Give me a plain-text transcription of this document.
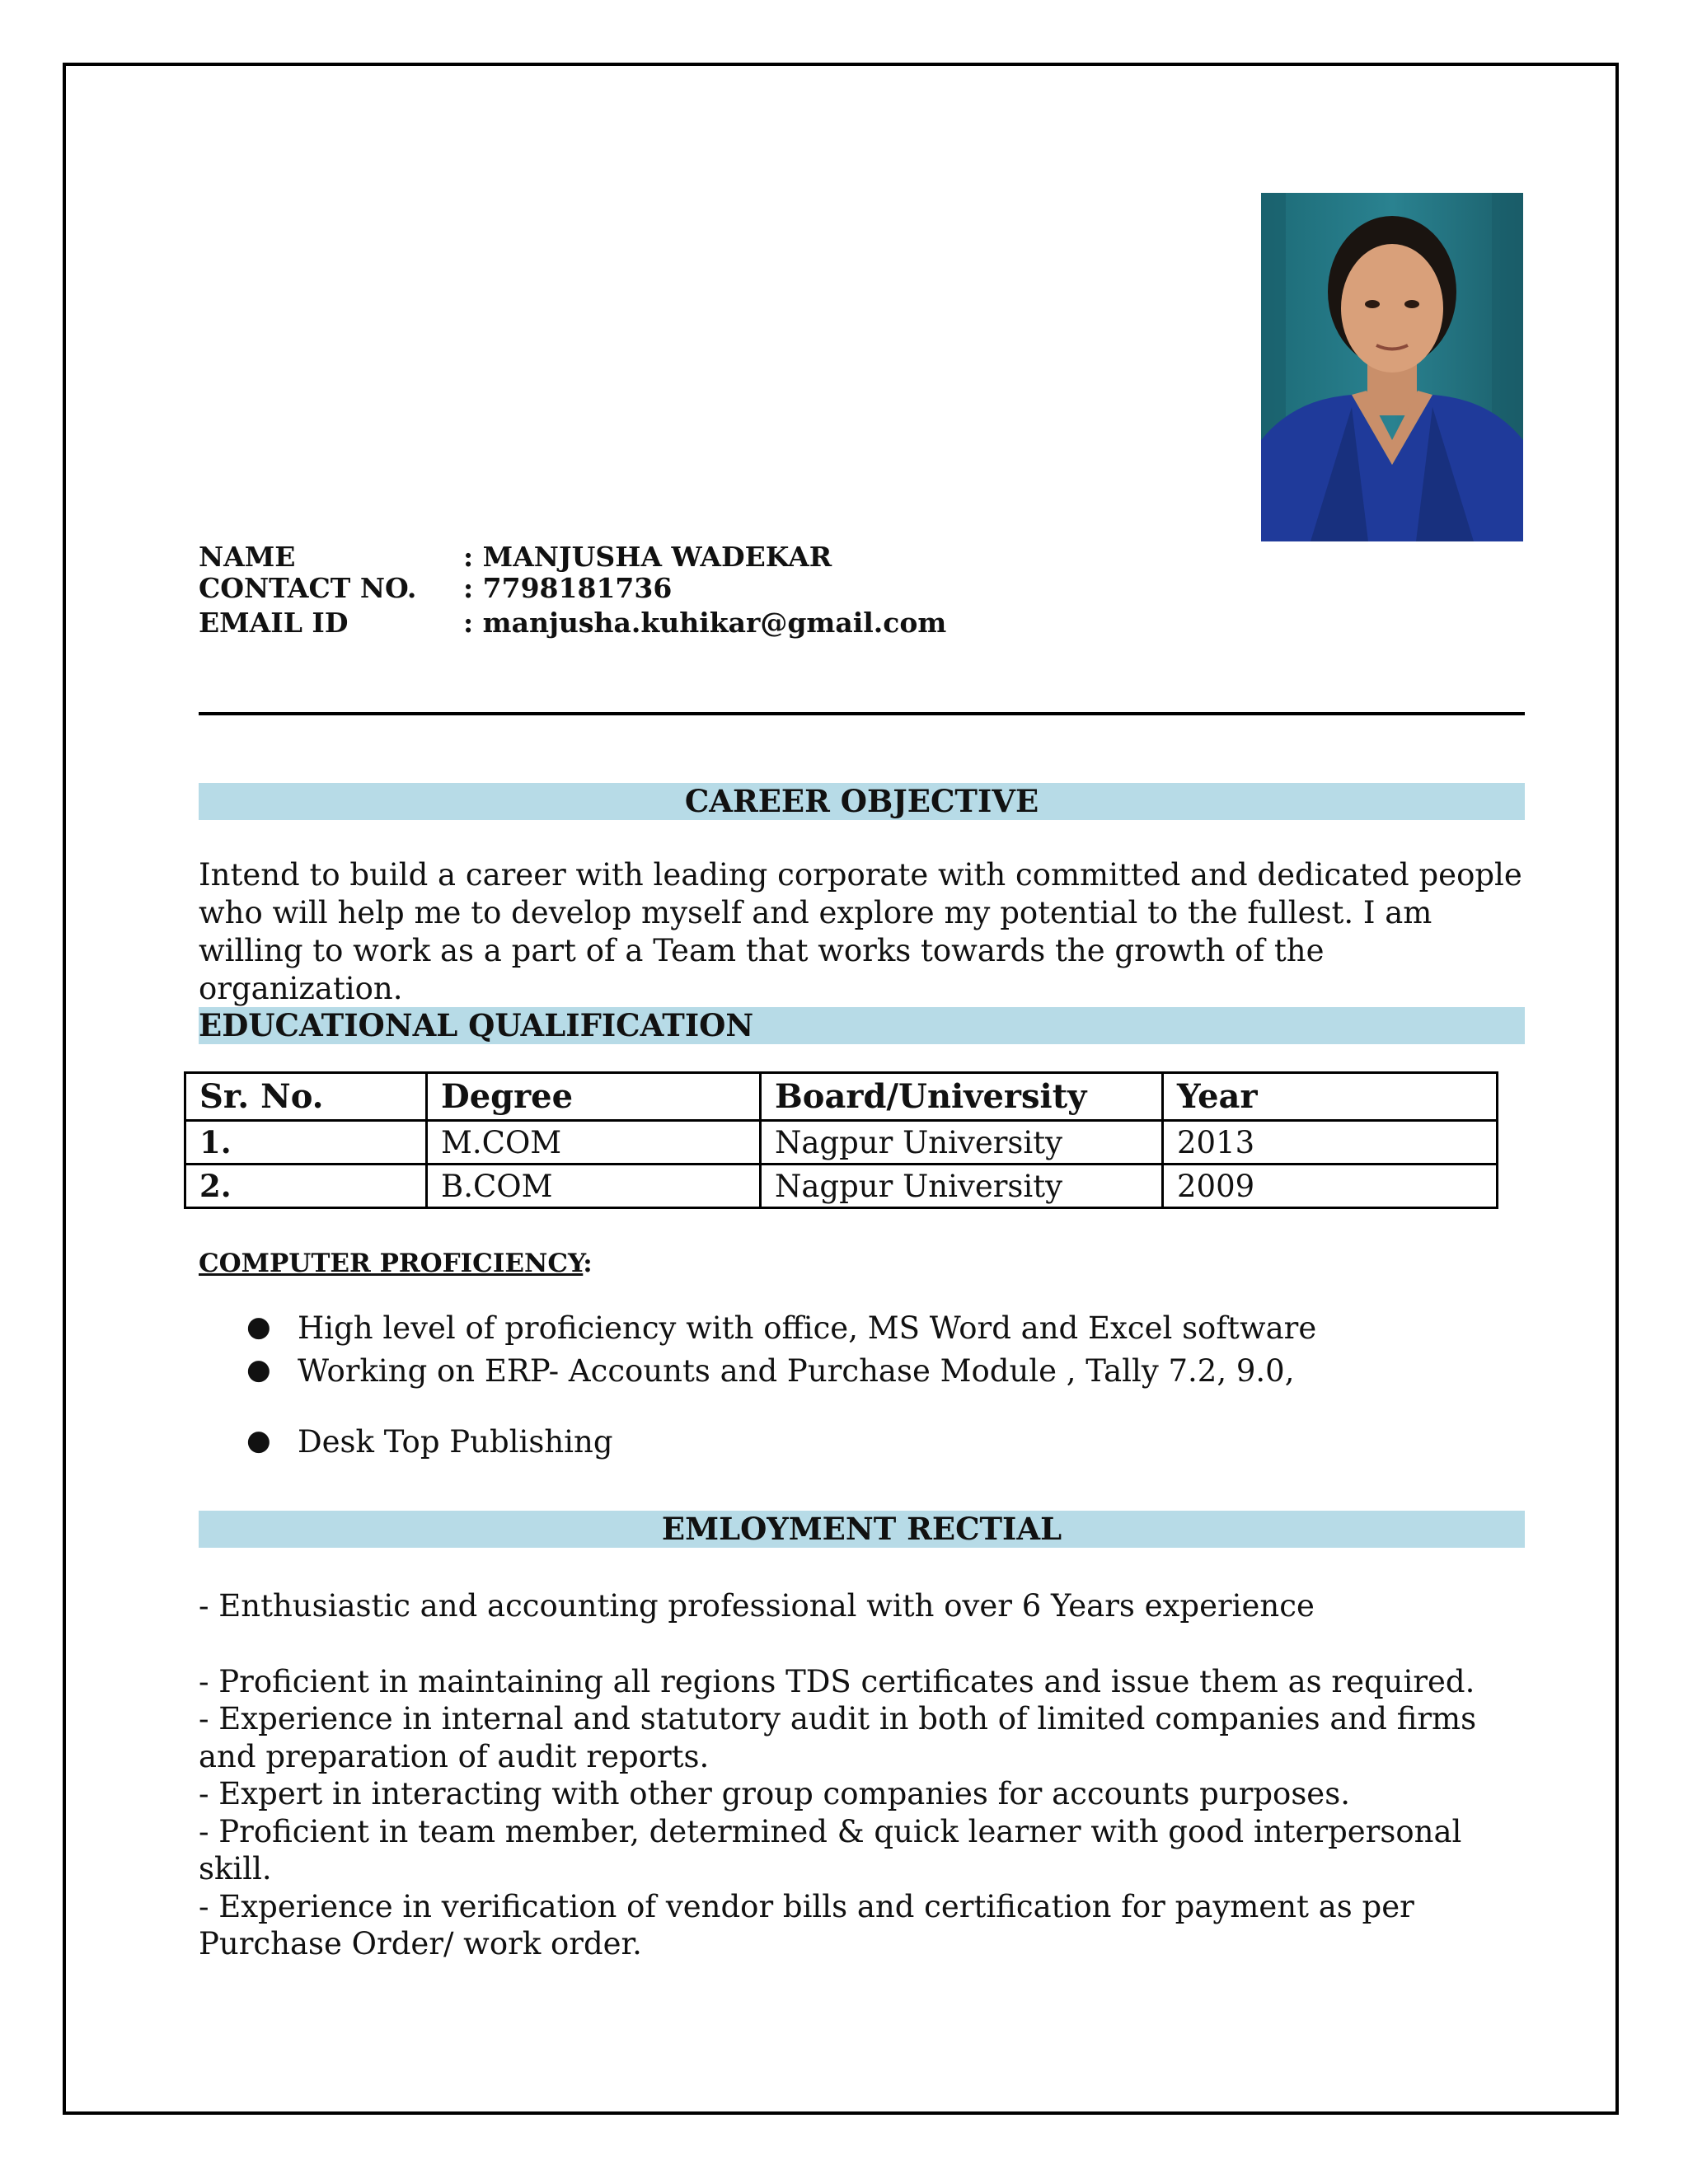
NAME	: MANJUSHA WADEKAR
CONTACT NO. : 7798181736
EMAIL ID	: manjusha.kuhikar@gmail.com
CAREER OBJECTIVE
Intend to build a career with leading corporate with committed and dedicated people who will help me to develop myself and explore my potential to the fullest. I am willing to work as a part of a Team that works towards the growth of the organization.
EDUCATIONAL QUALIFICATION
Sr. No.	Degree	Board/University	Year
1.	M.COM	Nagpur University	2013
2.	B.COM	Nagpur University	2009
COMPUTER PROFICIENCY:
● High level of proficiency with office, MS Word and Excel software
● Working on ERP- Accounts and Purchase Module , Tally 7.2, 9.0,
● Desk Top Publishing
EMLOYMENT RECTIAL

- Enthusiastic and accounting professional with over 6 Years experience

- Proficient in maintaining all regions TDS certificates and issue them as required.

- Experience in internal and statutory audit in both of limited companies and firms and preparation of audit reports.

- Expert in interacting with other group companies for accounts purposes.

- Proficient in team member, determined & quick learner with good interpersonal skill.

- Experience in verification of vendor bills and certification for payment as per Purchase Order/ work order.
